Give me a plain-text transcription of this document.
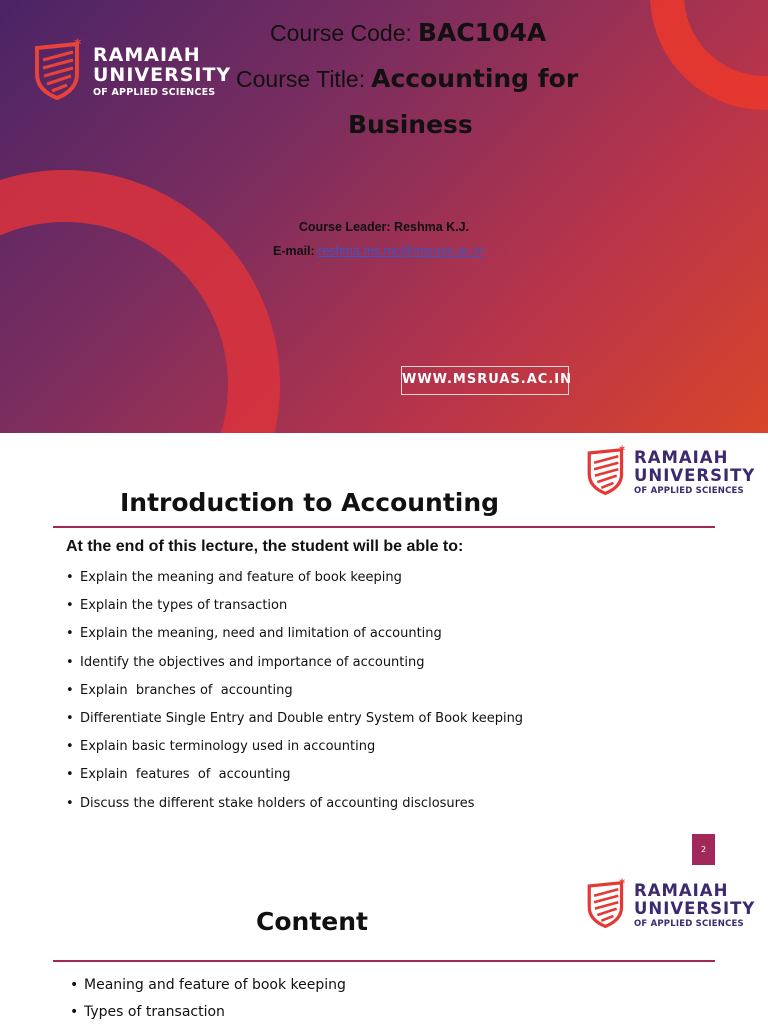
* RAMAIAH
UNIVERSITY
OF APPLIED SCIENCES
Course Code: BAC104A
Course Title: Accounting for
Business
Course Leader: Reshma K.J.
E-mail: reshma.ms.mc@msruas.ac.in
WWW.MSRUAS.AC.IN
* RAMAIAH
UNIVERSITY
OF APPLIED SCIENCES
Introduction to Accounting
At the end of this lecture, the student will be able to:
• Explain the meaning and feature of book keeping
• Explain the types of transaction
• Explain the meaning, need and limitation of accounting
• Identify the objectives and importance of accounting
• Explain  branches of  accounting
• Differentiate Single Entry and Double entry System of Book keeping
• Explain basic terminology used in accounting
• Explain  features  of  accounting
• Discuss the different stake holders of accounting disclosures
2
* RAMAIAH
UNIVERSITY
OF APPLIED SCIENCES
Content
• Meaning and feature of book keeping
• Types of transaction
